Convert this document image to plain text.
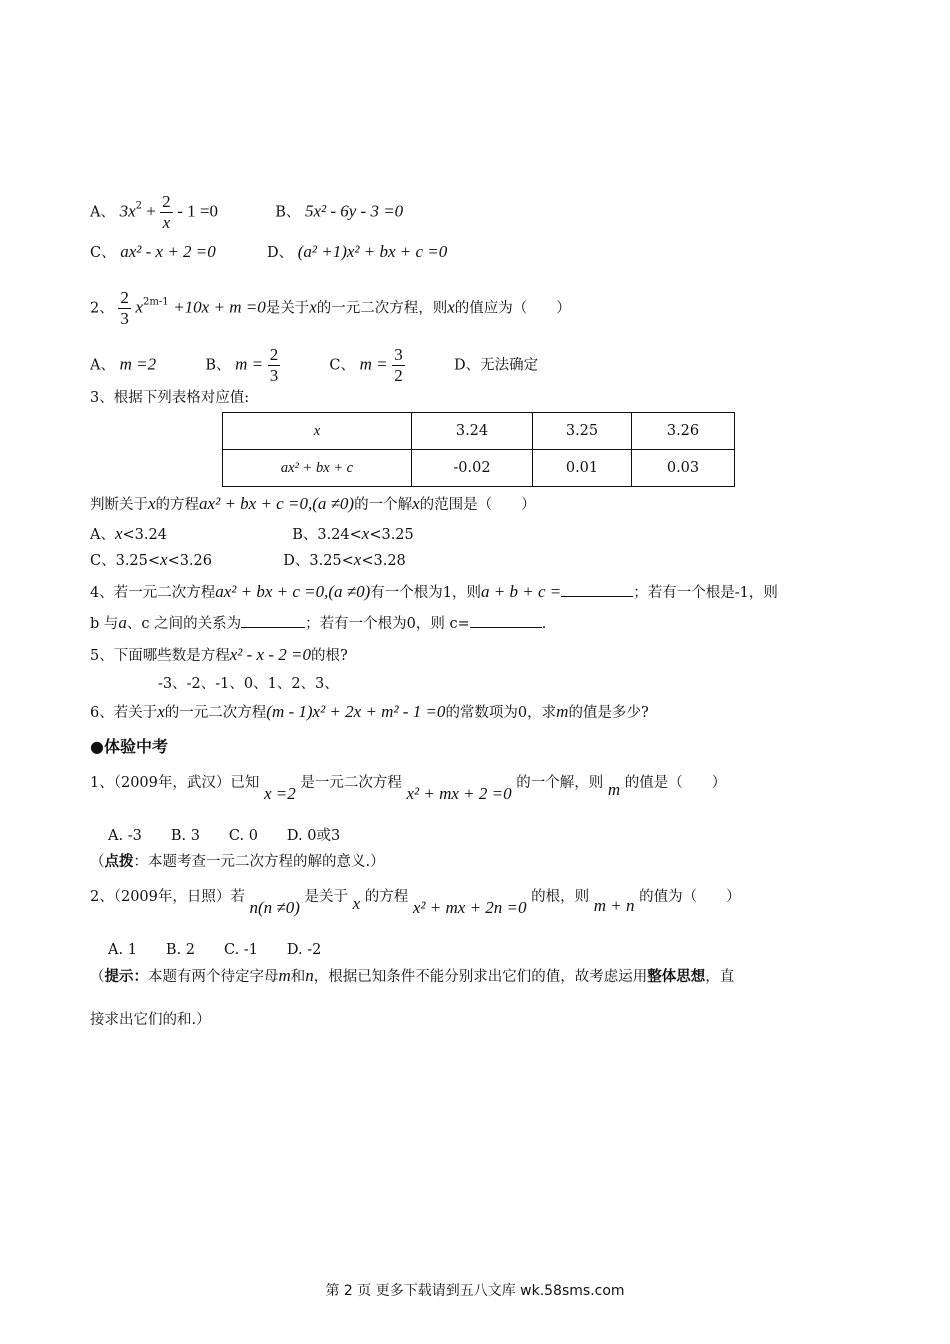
A、 $3x^2 + \frac{2}{x} - 1 =0$	B、 5x² - 6y - 3 =0
C、 ax² - x + 2 =0	D、 (a² +1)x² + bx + c =0
2、 $\frac{2}{3} x^{2m-1} +10x + m =0$是关于x的一元二次方程，则x的值应为（　　）
A、 m =2	B、 $m = \frac{2}{3}$	C、 $m = \frac{3}{2}$	D、无法确定
3、根据下列表格对应值:
x	3.24	3.25	3.26
ax² + bx + c	-0.02	0.01	0.03
判断关于x的方程ax² + bx + c =0,(a ≠0)的一个解x的范围是（　　）
A、x<3.24	B、3.24<x<3.25
C、3.25<x<3.26	D、3.25<x<3.28
4、若一元二次方程ax² + bx + c =0,(a ≠0)有一个根为1，则a + b + c =	；若有一个根是-1，则
b 与a、c 之间的关系为	；若有一个根为0，则 c=	.
5、下面哪些数是方程x² - x - 2 =0的根?
-3、-2、-1、0、1、2、3、
6、若关于x的一元二次方程(m - 1)x² + 2x + m² - 1 =0的常数项为0，求m的值是多少?
●体验中考
1、（2009年，武汉）已知 x =2 是一元二次方程 x² + mx + 2 =0 的一个解，则 m 的值是（　　）
A. -3　　B. 3　　C. 0　　D. 0或3
（点拨：本题考查一元二次方程的解的意义.）
2、（2009年，日照）若 n(n ≠0) 是关于 x 的方程 x² + mx + 2n =0 的根，则 m + n 的值为（　　）
A. 1　　B. 2　　C. -1　　D. -2
（提示：本题有两个待定字母m和n，根据已知条件不能分别求出它们的值，故考虑运用整体思想，直
接求出它们的和.）
第 2 页 更多下载请到五八文库 wk.58sms.com
